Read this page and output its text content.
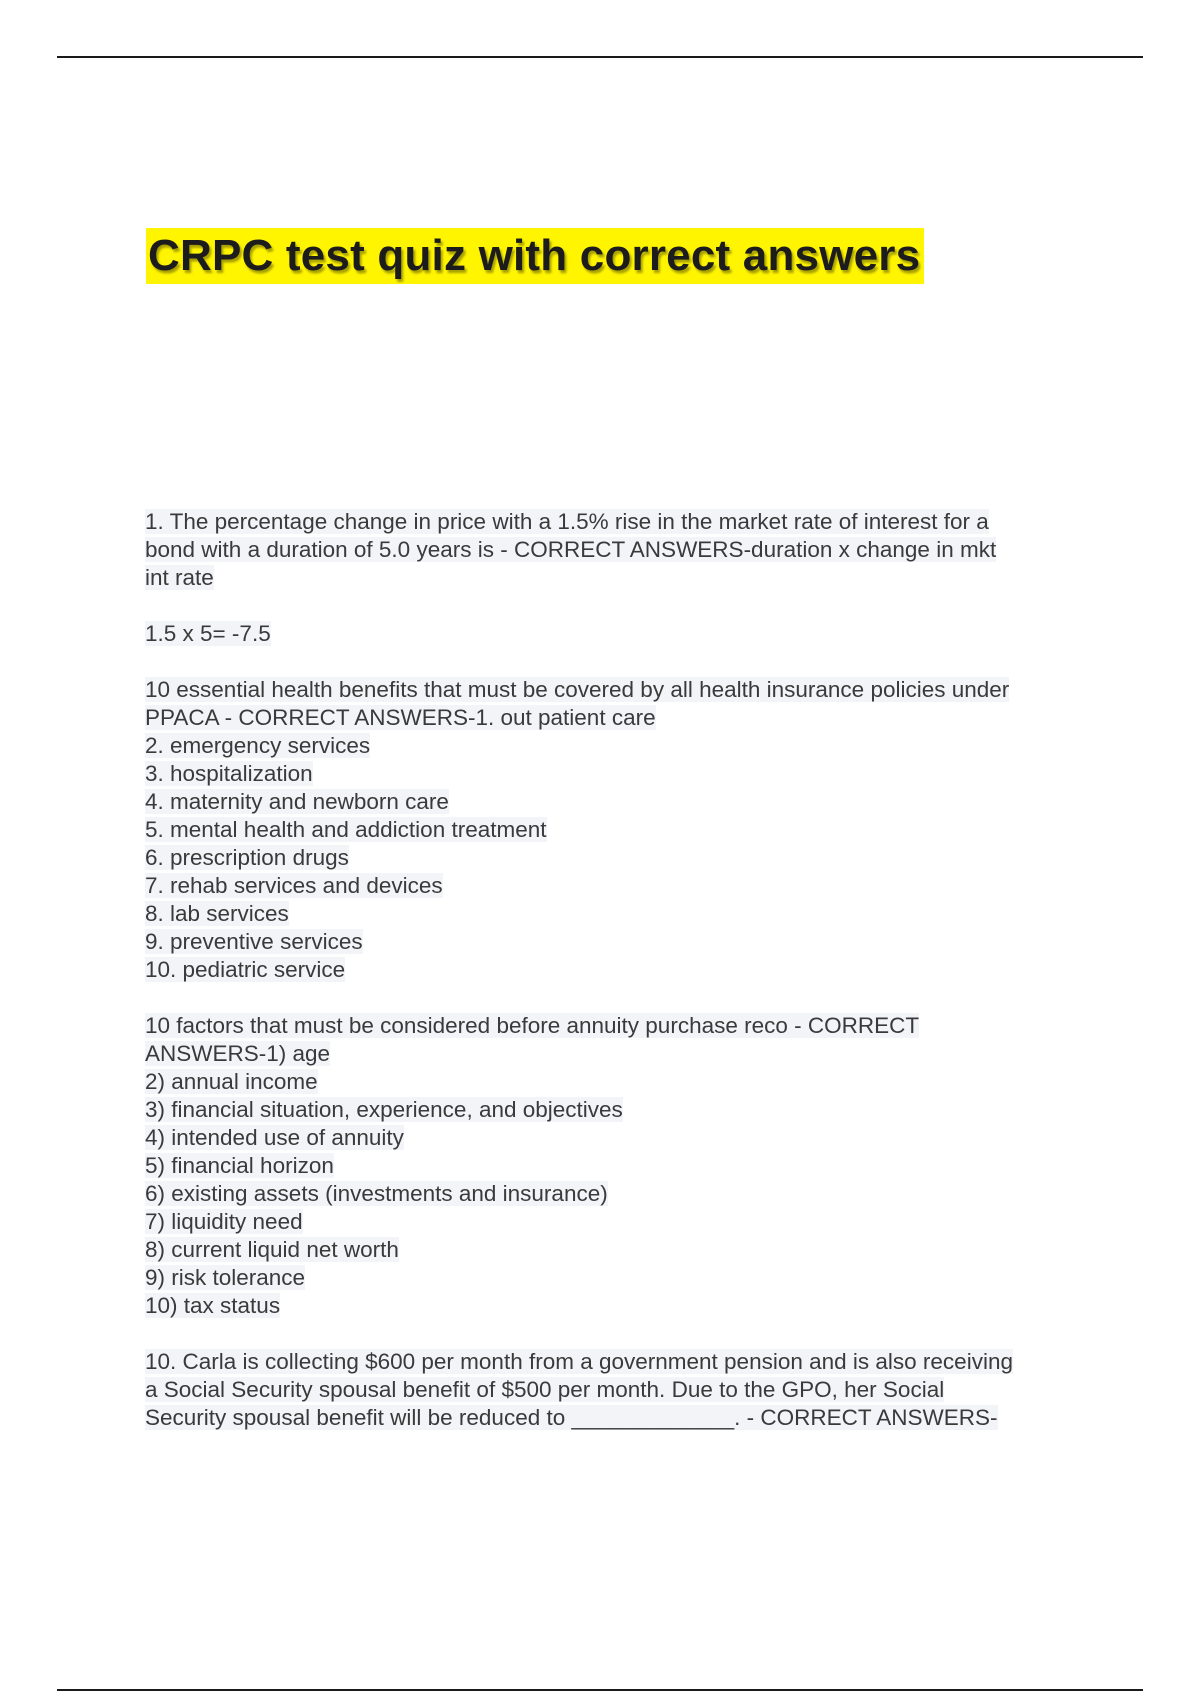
CRPC test quiz with correct answers
1. The percentage change in price with a 1.5% rise in the market rate of interest for a
bond with a duration of 5.0 years is - CORRECT ANSWERS-duration x change in mkt
int rate
1.5 x 5= -7.5
10 essential health benefits that must be covered by all health insurance policies under
PPACA - CORRECT ANSWERS-1. out patient care
2. emergency services
3. hospitalization
4. maternity and newborn care
5. mental health and addiction treatment
6. prescription drugs
7. rehab services and devices
8. lab services
9. preventive services
10. pediatric service
10 factors that must be considered before annuity purchase reco - CORRECT
ANSWERS-1) age
2) annual income
3) financial situation, experience, and objectives
4) intended use of annuity
5) financial horizon
6) existing assets (investments and insurance)
7) liquidity need
8) current liquid net worth
9) risk tolerance
10) tax status
10. Carla is collecting $600 per month from a government pension and is also receiving
a Social Security spousal benefit of $500 per month. Due to the GPO, her Social
Security spousal benefit will be reduced to _____________. - CORRECT ANSWERS-
